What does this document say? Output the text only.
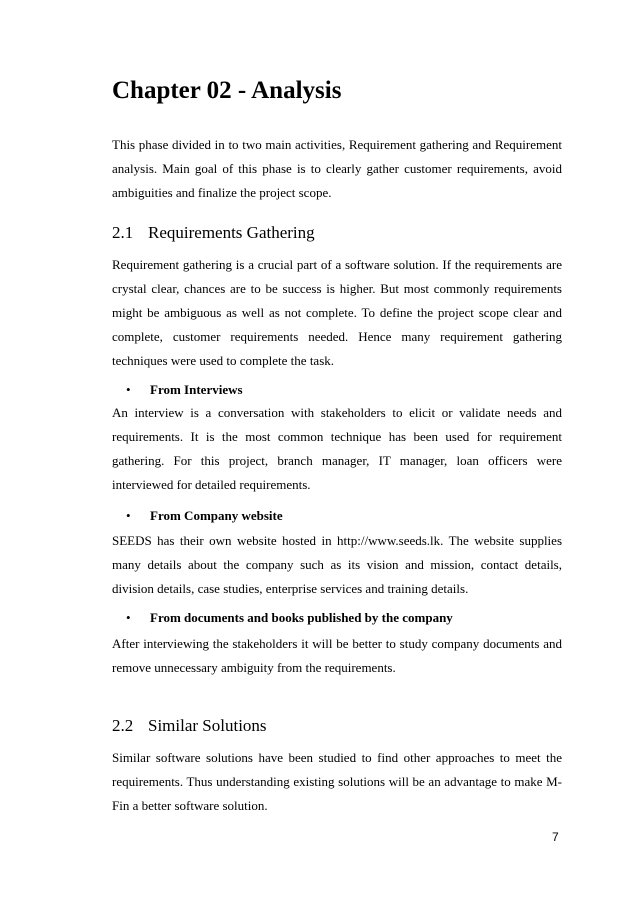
Chapter 02 - Analysis

This phase divided in to two main activities, Requirement gathering and Requirement analysis. Main goal of this phase is to clearly gather customer requirements, avoid ambiguities and finalize the project scope.

2.1 Requirements Gathering

Requirement gathering is a crucial part of a software solution. If the requirements are crystal clear, chances are to be success is higher. But most commonly requirements might be ambiguous as well as not complete. To define the project scope clear and complete, customer requirements needed. Hence many requirement gathering techniques were used to complete the task.

• From Interviews

An interview is a conversation with stakeholders to elicit or validate needs and requirements. It is the most common technique has been used for requirement gathering. For this project, branch manager, IT manager, loan officers were interviewed for detailed requirements.

• From Company website

SEEDS has their own website hosted in http://www.seeds.lk. The website supplies many details about the company such as its vision and mission, contact details, division details, case studies, enterprise services and training details.

• From documents and books published by the company

After interviewing the stakeholders it will be better to study company documents and remove unnecessary ambiguity from the requirements.

2.2 Similar Solutions

Similar software solutions have been studied to find other approaches to meet the requirements. Thus understanding existing solutions will be an advantage to make M-Fin a better software solution.

7
